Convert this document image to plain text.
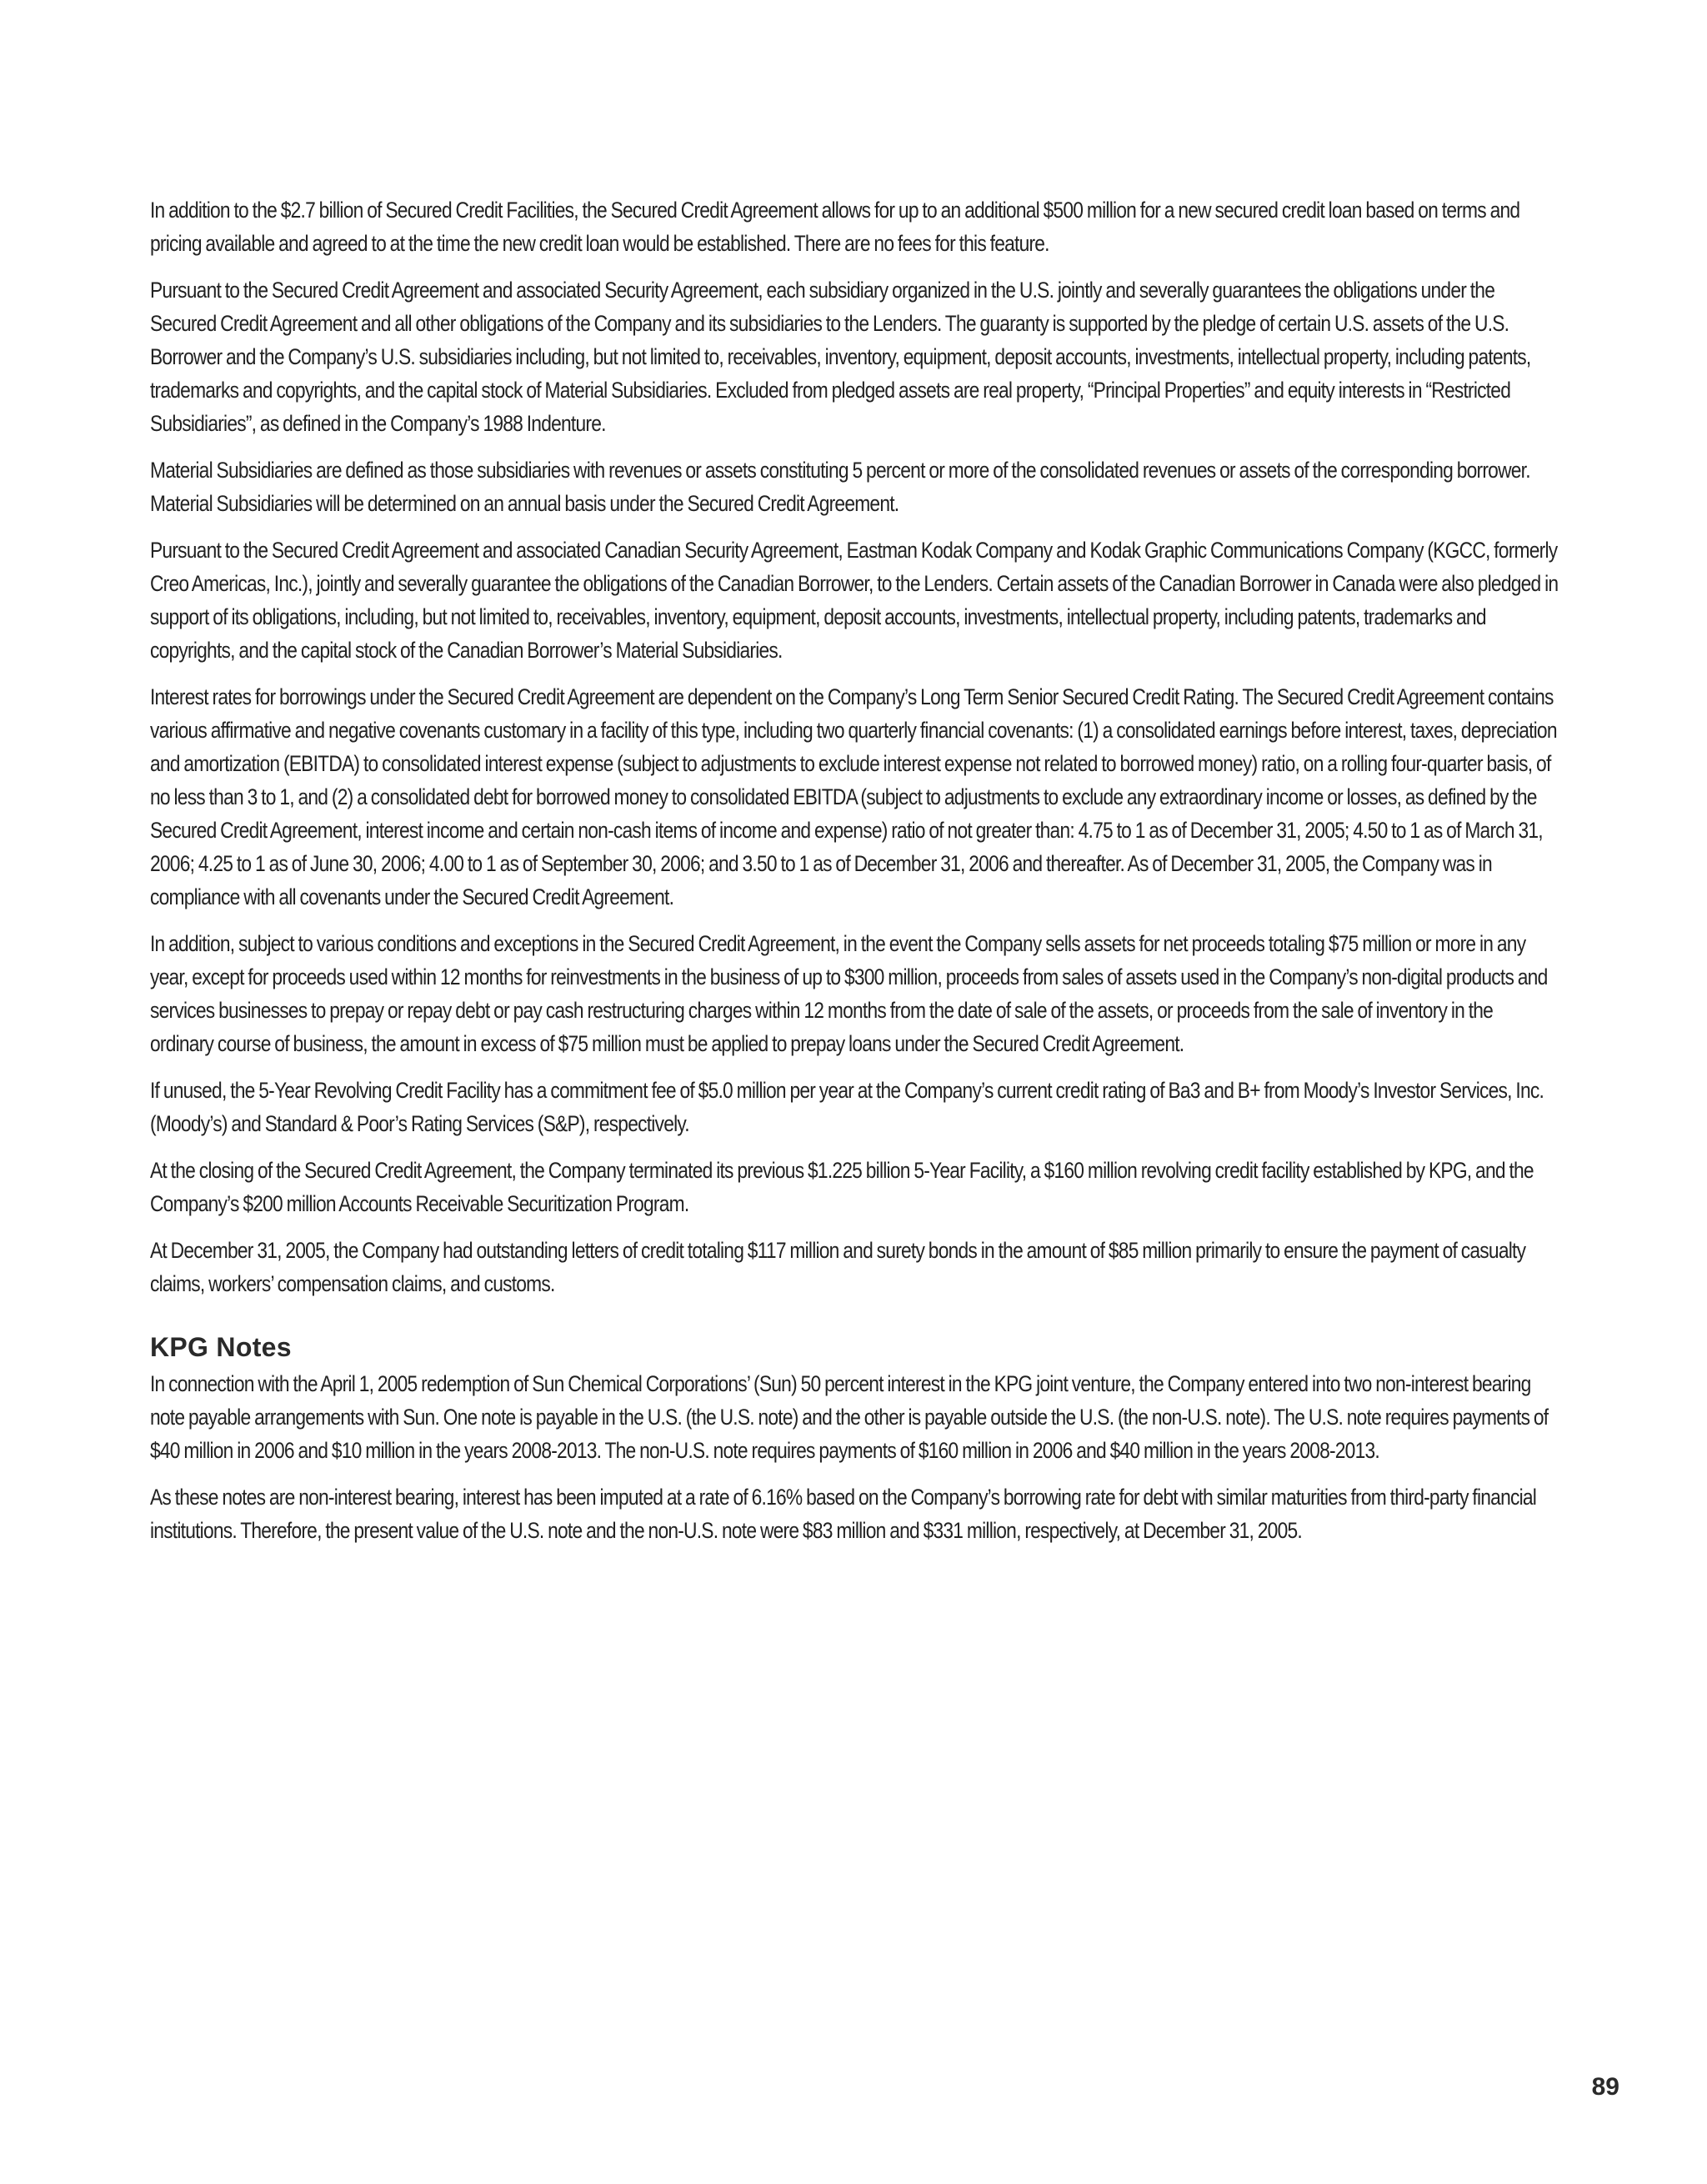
In addition to the $2.7 billion of Secured Credit Facilities, the Secured Credit Agreement allows for up to an additional $500 million for a new secured credit loan based on terms and pricing available and agreed to at the time the new credit loan would be established. There are no fees for this feature.

Pursuant to the Secured Credit Agreement and associated Security Agreement, each subsidiary organized in the U.S. jointly and severally guarantees the obligations under the Secured Credit Agreement and all other obligations of the Company and its subsidiaries to the Lenders. The guaranty is supported by the pledge of certain U.S. assets of the U.S. Borrower and the Company’s U.S. subsidiaries including, but not limited to, receivables, inventory, equipment, deposit accounts, investments, intellectual property, including patents, trademarks and copyrights, and the capital stock of Material Subsidiaries. Excluded from pledged assets are real property, “Principal Properties” and equity interests in “Restricted Subsidiaries”, as defined in the Company’s 1988 Indenture.

Material Subsidiaries are defined as those subsidiaries with revenues or assets constituting 5 percent or more of the consolidated revenues or assets of the corresponding borrower. Material Subsidiaries will be determined on an annual basis under the Secured Credit Agreement.

Pursuant to the Secured Credit Agreement and associated Canadian Security Agreement, Eastman Kodak Company and Kodak Graphic Communications Company (KGCC, formerly Creo Americas, Inc.), jointly and severally guarantee the obligations of the Canadian Borrower, to the Lenders. Certain assets of the Canadian Borrower in Canada were also pledged in support of its obligations, including, but not limited to, receivables, inventory, equipment, deposit accounts, investments, intellectual property, including patents, trademarks and copyrights, and the capital stock of the Canadian Borrower’s Material Subsidiaries.

Interest rates for borrowings under the Secured Credit Agreement are dependent on the Company’s Long Term Senior Secured Credit Rating. The Secured Credit Agreement contains various affirmative and negative covenants customary in a facility of this type, including two quarterly financial covenants: (1) a consolidated earnings before interest, taxes, depreciation and amortization (EBITDA) to consolidated interest expense (subject to adjustments to exclude interest expense not related to borrowed money) ratio, on a rolling four-quarter basis, of no less than 3 to 1, and (2) a consolidated debt for borrowed money to consolidated EBITDA (subject to adjustments to exclude any extraordinary income or losses, as defined by the Secured Credit Agreement, interest income and certain non-cash items of income and expense) ratio of not greater than: 4.75 to 1 as of December 31, 2005; 4.50 to 1 as of March 31, 2006; 4.25 to 1 as of June 30, 2006; 4.00 to 1 as of September 30, 2006; and 3.50 to 1 as of December 31, 2006 and thereafter. As of December 31, 2005, the Company was in compliance with all covenants under the Secured Credit Agreement.

In addition, subject to various conditions and exceptions in the Secured Credit Agreement, in the event the Company sells assets for net proceeds totaling $75 million or more in any year, except for proceeds used within 12 months for reinvestments in the business of up to $300 million, proceeds from sales of assets used in the Company’s non-digital products and services businesses to prepay or repay debt or pay cash restructuring charges within 12 months from the date of sale of the assets, or proceeds from the sale of inventory in the ordinary course of business, the amount in excess of $75 million must be applied to prepay loans under the Secured Credit Agreement.

If unused, the 5-Year Revolving Credit Facility has a commitment fee of $5.0 million per year at the Company’s current credit rating of Ba3 and B+ from Moody’s Investor Services, Inc. (Moody’s) and Standard & Poor’s Rating Services (S&P), respectively.

At the closing of the Secured Credit Agreement, the Company terminated its previous $1.225 billion 5-Year Facility, a $160 million revolving credit facility established by KPG, and the Company’s $200 million Accounts Receivable Securitization Program.

At December 31, 2005, the Company had outstanding letters of credit totaling $117 million and surety bonds in the amount of $85 million primarily to ensure the payment of casualty claims, workers’ compensation claims, and customs.

KPG Notes

In connection with the April 1, 2005 redemption of Sun Chemical Corporations’ (Sun) 50 percent interest in the KPG joint venture, the Company entered into two non-interest bearing note payable arrangements with Sun. One note is payable in the U.S. (the U.S. note) and the other is payable outside the U.S. (the non-U.S. note). The U.S. note requires payments of $40 million in 2006 and $10 million in the years 2008-2013. The non-U.S. note requires payments of $160 million in 2006 and $40 million in the years 2008-2013.

As these notes are non-interest bearing, interest has been imputed at a rate of 6.16% based on the Company’s borrowing rate for debt with similar maturities from third-party financial institutions. Therefore, the present value of the U.S. note and the non-U.S. note were $83 million and $331 million, respectively, at December 31, 2005.

89
